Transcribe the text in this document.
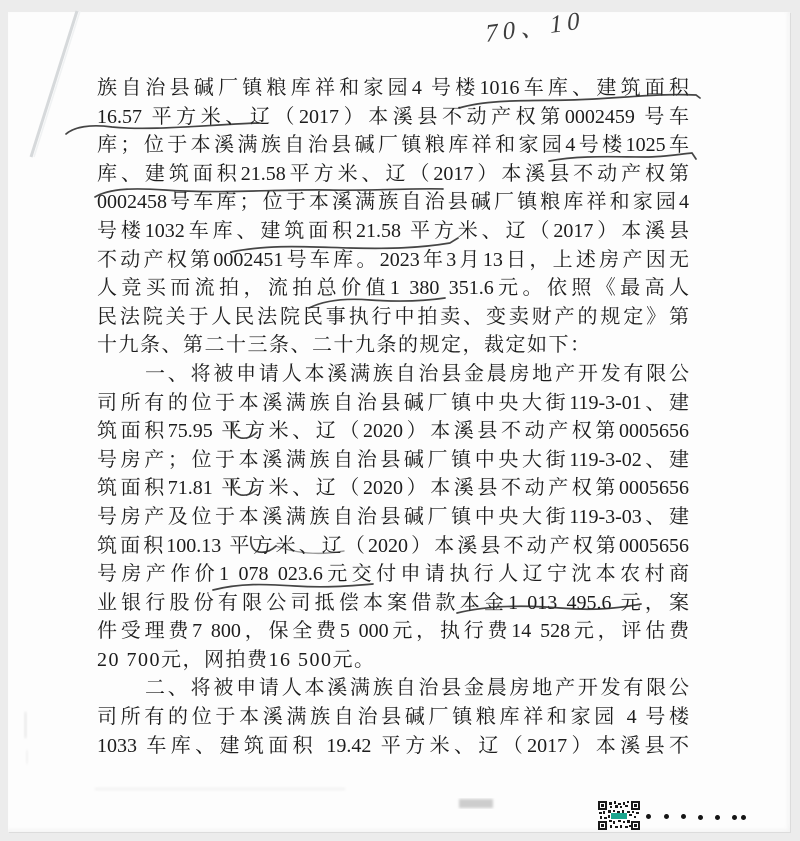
70、10
族自治县碱厂镇粮库祥和家园4 号楼1016车库、建筑面积
16.57 平方米、辽（2017）本溪县不动产权第0002459 号车
库；位于本溪满族自治县碱厂镇粮库祥和家园4号楼1025车
库、建筑面积21.58平方米、辽（2017）本溪县不动产权第
0002458号车库；位于本溪满族自治县碱厂镇粮库祥和家园4
号楼1032车库、建筑面积21.58 平方米、辽（2017）本溪县
不动产权第0002451号车库。2023年3月13日，上述房产因无
人竞买而流拍，流拍总价值1 380 351.6元。依照《最高人
民法院关于人民法院民事执行中拍卖、变卖财产的规定》第
十九条、第二十三条、二十九条的规定，裁定如下：
一、将被申请人本溪满族自治县金晨房地产开发有限公
司所有的位于本溪满族自治县碱厂镇中央大街119-3-01、建
筑面积75.95 平方米、辽（2020）本溪县不动产权第0005656
号房产；位于本溪满族自治县碱厂镇中央大街119-3-02、建
筑面积71.81 平方米、辽（2020）本溪县不动产权第0005656
号房产及位于本溪满族自治县碱厂镇中央大街119-3-03、建
筑面积100.13 平方米、辽（2020）本溪县不动产权第0005656
号房产作价1 078 023.6元交付申请执行人辽宁沈本农村商
业银行股份有限公司抵偿本案借款本金1 013 495.6 元，案
件受理费7 800，保全费5 000元，执行费14 528元，评估费
20 700元，网拍费16 500元。
二、将被申请人本溪满族自治县金晨房地产开发有限公
司所有的位于本溪满族自治县碱厂镇粮库祥和家园 4 号楼
1033 车库、建筑面积 19.42 平方米、辽（2017）本溪县不
